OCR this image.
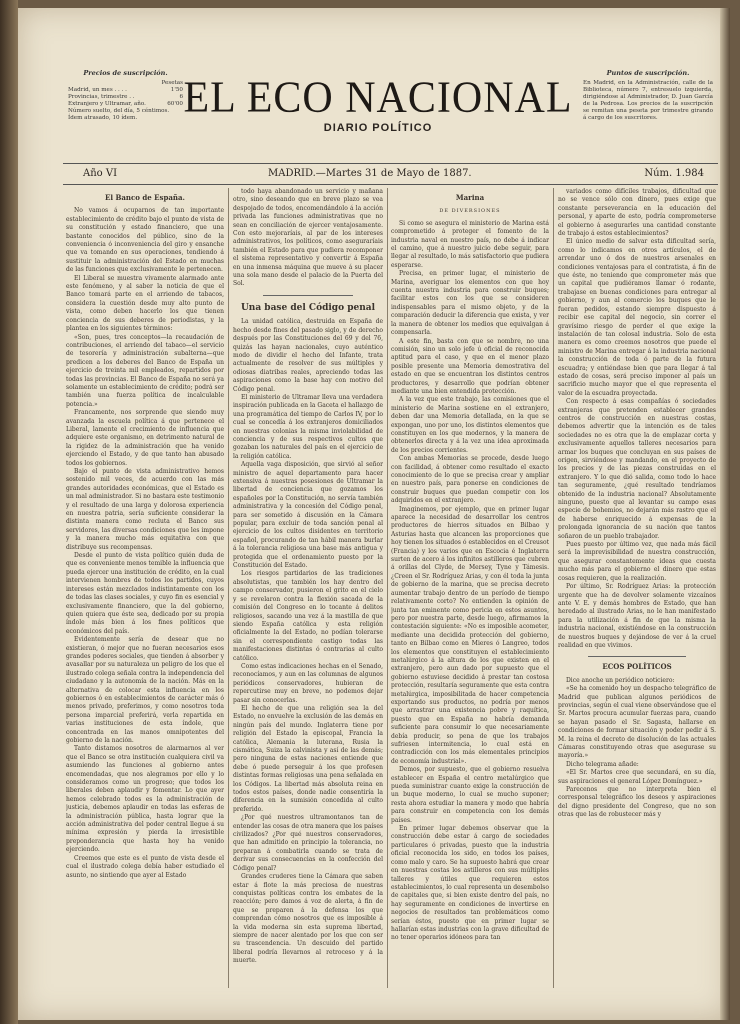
Precios de suscripción.
Pesetas
Madrid, un mes . . . .	1'50
Provincias, trimestre . .	6
Extranjero y Ultramar, año.	60'00
Número suelto, del día, 5 céntimos.
Ídem atrasado, 10 ídem.	EL ECO NACIONAL
DIARIO POLÍTICO
Puntos de suscripción.
En Madrid, en la Administración, calle de la Biblioteca, número 7, entresuelo izquierda, dirigiéndose al Administrador, D. Juan García de la Pedrosa. Los precios de la suscripción se remitan una peseta por trimestre girando á cargo de los suscritores.
Año VI	MADRID.—Martes 31 de Mayo de 1887.	Núm. 1.984

El Banco de España.

No vamos á ocuparnos de tan importante establecimiento de crédito bajo el punto de vista de su constitución y estado financiero, que una bastante conocidos del público, sino de la conveniencia ó inconveniencia del giro y ensanche que va tomando en sus operaciones, tendiendo á sustituir la administración del Estado en muchas de las funciones que exclusivamente le pertenecen.

El Liberal se muestra vivamente alarmado ante este fenómeno, y al saber la noticia de que el Banco tomará parte en el arriendo de tabacos, considera la cuestión desde muy alto punto de vista, como deben hacerlo los que tienen conciencia de sus deberes de periodistas, y la plantea en los siguientes términos:

«Son, pues, tres conceptos—la recaudación de contribuciones, el arriendo del tabaco—el servicio de tesorería y administración subalterna—que predicen a los deberes del Banco de España un ejercicio de treinta mil empleados, repartidos por todas las provincias. El Banco de España no será ya solamente un establecimiento de crédito; podrá ser también una fuerza política de incalculable potencia.»

Francamente, nos sorprende que siendo muy avanzada la escuela política á que pertenece el Liberal, lamente el crecimiento de influencia que adquiere este organismo, en detrimento natural de la rigidez de la administración que ha venido ejerciendo el Estado, y de que tanto han abusado todos los gobiernos.

Bajo el punto de vista administrativo hemos sostenido mil veces, de acuerdo con las más grandes autoridades económicas, que el Estado es un mal administrador. Si no bastara este testimonio y el resultado de una larga y dolorosa experiencia en nuestra patria, sería suficiente considerar la distinta manera como recluta el Banco sus servidores, las diversas condiciones que les impone y la manera mucho más equitativa con que distribuye sus recompensas.

Desde el punto de vista político quién duda de que es conveniente menos temible la influencia que pueda ejercer una institución de crédito, en la cual intervienen hombres de todos los partidos, cuyos intereses están mezclados indistintamente con los de todas las clases sociales, y cuyo fin es esencial y exclusivamente financiero, que la del gobierno, quien quiera que éste sea, dedicado por su propia índole más bien á los fines políticos que económicos del país.

Evidentemente sería de desear que no existieran, ó mejor que no fueran necesarios esos grandes poderes sociales, que tienden á absorber y avasallar por su naturaleza un peligro de los que el ilustrado colega señala contra la independencia del ciudadano y la autonomía de la nación. Más en la alternativa de colocar esta influencia en los gobiernos ó en establecimientos de carácter más ó menos privado, preferimos, y como nosotros toda persona imparcial preferirá, verla repartida en varias instituciones de esta índole, que concentrada en las manos omnipotentes del gobierno de la nación.

Tanto distamos nosotros de alarmarnos al ver que el Banco se otra institución cualquiera civil va asumiendo las funciones al gobierno antes encomendadas, que nos alegramos por ello y lo consideramos como un progreso; que todos los liberales deben aplaudir y fomentar. Lo que ayer hemos celebrado todos es la administración de justicia, debemos aplaudir en todas las esferas de la administración pública, hasta lograr que la acción administrativa del poder central llegue á su mínima expresión y pierda la irresistible preponderancia que hasta hoy ha venido ejerciendo.

Creemos que este es el punto de vista desde el cual el ilustrado colega debía haber estudiado el asunto, no sintiendo que ayer al Estado

todo haya abandonado un servicio y mañana otro, sino deseando que en breve plazo se vea despojado de todos, encomendándolo á la acción privada las funciones administrativas que no sean en conciliación de ejercer ventajosamente. Con esto mejoraríais, al par de los intereses administrativos, los políticos, como aseguraríais también el Estado para que pudiera recomponer el sistema representativo y convertir á España en una inmensa máquina que mueve á su placer una sola mano desde el palacio de la Puerta del Sol.

Una base del Código penal

La unidad católica, destruida en España de hecho desde fines del pasado siglo, y de derecho después por las Constituciones del 69 y del 76, quizás las hayan nacionales, cuyo auténtico modo de dividir el hecho del Infante, trata actualmente de resolver de sus múltiples y odiosas diatribas reales, apreciendo todas las aspiraciones como la base hay con motivo del Código penal.

El ministerio de Ultramar lleva una verdadera inspiración publicada en la Gaceta el hallazgo de una programática del tiempo de Carlos IV, por lo cual se concedía á los extranjeros domiciliados en nuestras colonias la misma inviolabilidad de conciencia y de sus respectivos cultos que gozaban los naturales del país en el ejercicio de la religión católica.

Aquella vaga disposición, que sirvió al señor ministro de aquel departamento para hacer extensiva á nuestras posesiones de Ultramar la libertad de conciencia que gozamos los españoles por la Constitución, no servía también administrativa y la concesión del Código penal, para ser sometido á discusión en la Cámara popular, para excluir de toda sanción penal al ejercicio de los cultos disidentes en territorio español, procurando de tan hábil manera burlar á la tolerancia religiosa una base más antigua y protegida que el ordenamiento puesto por la Constitución del Estado.

Los riesgos partidarios de las tradiciones absolutistas, que también los hay dentro del campo conservador, pusieron el grito en el cielo y se revelaron contra la flexión sacada de la comisión del Congreso en lo tocante á delitos religiosos, sacando una vez á la mastilla de que siendo España católica y esta religión oficialmente la del Estado, no podían tolerarse sin el correspondiente castigo todas las manifestaciones distintas ó contrarias al culto católico.

Como estas indicaciones hechas en el Senado, reconocíamos, y aun en las columnas de algunos periódicos conservadores, hubieran de repercutirse muy en breve, no podemos dejar pasar sin conocerlas.

El hecho de que una religión sea la del Estado, no envuelve la exclusión de las demás en ningún país del mundo. Inglaterra tiene por religión del Estado la episcopal, Francia la católica, Alemania la luterana, Rusia la cismática, Suiza la calvinista y así de las demás; pero ninguna de estas naciones entiende que debe ó puede perseguir á los que profesen distintas formas religiosas una pena señalada en los Códigos. La libertad más absoluta reina en todos estos países, donde nadie consentiría la diferencia en la sumisión concedida al culto preferido.

¿Por qué nuestros ultramontanos tan de entender las cosas de otra manera que los países civilizados? ¿Por qué nuestros conservadores, que han admitido en principio la tolerancia, no preparan á combatirla cuando se trata de derivar sus consecuencias en la confección del Código penal?

Grandes cruderes tiene la Cámara que saben estar á flote la más preciosa de nuestras conquistas políticas contra los embates de la reacción; pero damos á voz de alerta, á fin de que se preparen á la defensa los que comprendan cómo nosotros que es imposible á la vida moderna sin esta suprema libertad, siempre de nacer alentado por los que con ser su trascendencia. Un descuido del partido liberal podría llevarnos al retroceso y á la muerte.

Marina

DE DIVERSIONES

Si como se asegura el ministerio de Marina está comprometido á proteger el fomento de la industria naval en nuestro país, no debe á indicar el camino, que á nuestro juicio debe seguir, para llegar al resultado, lo más satisfactorio que pudiera esperarse.

Precisa, en primer lugar, el ministerio de Marina, averiguar los elementos con que hoy cuenta nuestra industria para construir buques; facilitar estos con los que se consideren indispensables para el mismo objeto, y de la comparación deducir la diferencia que exista, y ver la manera de obtener los medios que equivalgan á compensarla.

A este fin, basta con que se nombre, no una comisión, sino un solo jefe ú oficial de reconocida aptitud para el caso, y que en el menor plazo posible presente una Memoria demostrativa del estado en que se encuentran los distintos centros productores, y desarrollo que podrían obtener mediante una bien entendida protección.

A la vez que este trabajo, las comisiones que el ministerio de Marina sostiene en el extranjero, deben dar una Memoria detallada, en la que se expongan, uno por uno, los distintos elementos que constituyen en los que modernos, y la manera de obtenerlos directa y á la vez una idea aproximada de los precios corrientes.

Con ambas Memorias se procede, desde luego con facilidad, á obtener como resultado el exacto conocimiento de lo que se precisa crear y ampliar en nuestro país, para ponerse en condiciones de construir buques que puedan competir con los adquiridos en el extranjero.

Imaginemos, por ejemplo, que en primer lugar aparece la necesidad de desarrollar los centros productores de hierros situados en Bilbao y Asturias hasta que alcancen las proporciones que hoy tienen los situados ó establecidos en el Creusot (Francia) y los varios que en Escocia é Inglaterra surten de acero á los infinitos astilleros que cubren á orillas del Clyde, de Mersey, Tyne y Támesis. ¿Creen el Sr. Rodríguez Arias, y con él toda la junta de gobierno de la marina, que se precisa decreto aumentar trabajo dentro de un período de tiempo relativamente corto? No entienden la opinión de junta tan eminente como pericia en estos asuntos, pero por nuestra parte, desde luego, afirmamos la contestación siguiente: «No es imposible acometer, mediante una decidida protección del gobierno, tanto en Bilbao como en Mieres ó Langreo, todos los elementos que constituyen el establecimiento metalúrgico á la altura de los que existen en el extranjero, pero aun dado por supuesto que el gobierno estuviese decidido á prestar tan costosa protección, resultaría seguramente que esta contra metalúrgica, imposibilitada de hacer competencia exportando sus productos, no podría por menos que arrastrar una existencia pobre y raquítica, puesto que en España no habría demanda suficiente para consumir lo que necesariamente debía producir, so pena de que los trabajos sufriesen intermitencia, lo cual está en contradicción con los más elementales principios de economía industrial».

Demos, por supuesto, que el gobierno resuelva establecer en España el centro metalúrgico que pueda suministrar cuanto exige la construcción de un buque moderno, lo cual se mucho suponer; resta ahora estudiar la manera y modo que habría para construir en competencia con los demás países.

En primer lugar debemos observar que la construcción debe estar á cargo de sociedades particulares ó privadas, puesto que la industria oficial reconocida los sido, en todos los países, como malo y caro. Se ha supuesto habrá que crear en nuestras costas los astilleros con sus múltiples talleres y útiles que requieren estos establecimientos, lo cual representa un desembolso de capitales que, si bien existe dentro del país, no hay seguramente en condiciones de invertirse en negocios de resultados tan problemáticos como serían éstos, puesto que en primer lugar se hallarían estas industrias con la grave dificultad de no tener operarios idóneos para tan

variados como difíciles trabajos, dificultad que no se vence sólo con dinero, pues exige que constante perseverancia en la educación del personal, y aparte de esto, podría comprometerse el gobierno á asegurarles una cantidad constante de trabajo á estos establecimientos?

El único medio de salvar esta dificultad sería, como lo indicamos en otros artículos, el de arrendar uno ó dos de nuestros arsenales en condiciones ventajosas para el contratista, á fin de que éste, no teniendo que comprometer más que un capital que pudiéramos llamar ó rodante, trabajase en buenas condiciones para entregar al gobierno, y aun al comercio los buques que le fueran pedidos, estando siempre dispuesto á recibir ese capital del negocio, sin correr el gravísimo riesgo de perder el que exige la instalación de tan colosal industria. Solo de esta manera es como creemos nosotros que puede el ministro de Marina entregar á la industria nacional la construcción de toda ó parte de la futura escuadra; y entiéndase bien que para llegar á tal estado de cosas, será preciso imponer al país un sacrificio mucho mayor que el que representa el valor de la escuadra proyectada.

Con respecto á esas compañías ó sociedades extranjeras que pretenden establecer grandes centros de construcción en nuestras costas, debemos advertir que la intención es de tales sociedades no es otra que la de emplazar corta y exclusivamente aquellos talleres necesarios para armar los buques que concluyan en sus países de origen, sirviéndose y mandando, en el proyecto de los precios y de las piezas construidas en el extranjero. Y lo que dió salida, como todo lo hace tan seguramente, ¿qué resultado tendríamos obtenido de la industria nacional? Absolutamente ninguno, puesto que al levantar su campo esas especie de bohemios, no dejarán más rastro que el de haberse enriquecido á expensas de la prolongada ignorancia de su nación que tantos soñaron de un pueblo trabajador.

Pues puesto por último vez, que nada más fácil será la imprevisibilidad de nuestra construcción, que asegurar constantemente ideas que cuesta mucho más para el gobierno el dinero que estas cosas requieren, que la realización.

Por último, Sr. Rodríguez Arias: la protección urgente que ha de devolver solamente vizcaínos ante V. E. y demás hombres de Estado, que han heredado al ilustrado Arias, no le han manifestado para la utilización á fin de que la misma la industria nacional, existiéndose en la construcción de nuestros buques y dejándose de ver á la cruel realidad en que vivimos.

ECOS POLÍTICOS

Dice anoche un periódico noticiero:

«Se ha comenido hoy un despacho telegráfico de Madrid que publican algunos periódicos de provincias, según el cual viene observándose que el Sr. Martos procura acumular fuerzas para, cuando se hayan pasado el Sr. Sagasta, hallarse en condiciones de formar situación y poder pedir á S. M. la reina el decreto de disolución de las actuales Cámaras constituyendo otras que asegurase su mayoría.»

Dicho telegrama añade:

«El Sr. Martos cree que secundará, en su día, sus aspiraciones el general López Domínguez.»

Parecenos que no interpreta bien el corresponsal telegráfico los deseos y aspiraciones del digno presidente del Congreso, que no son otras que las de robustecer más y
